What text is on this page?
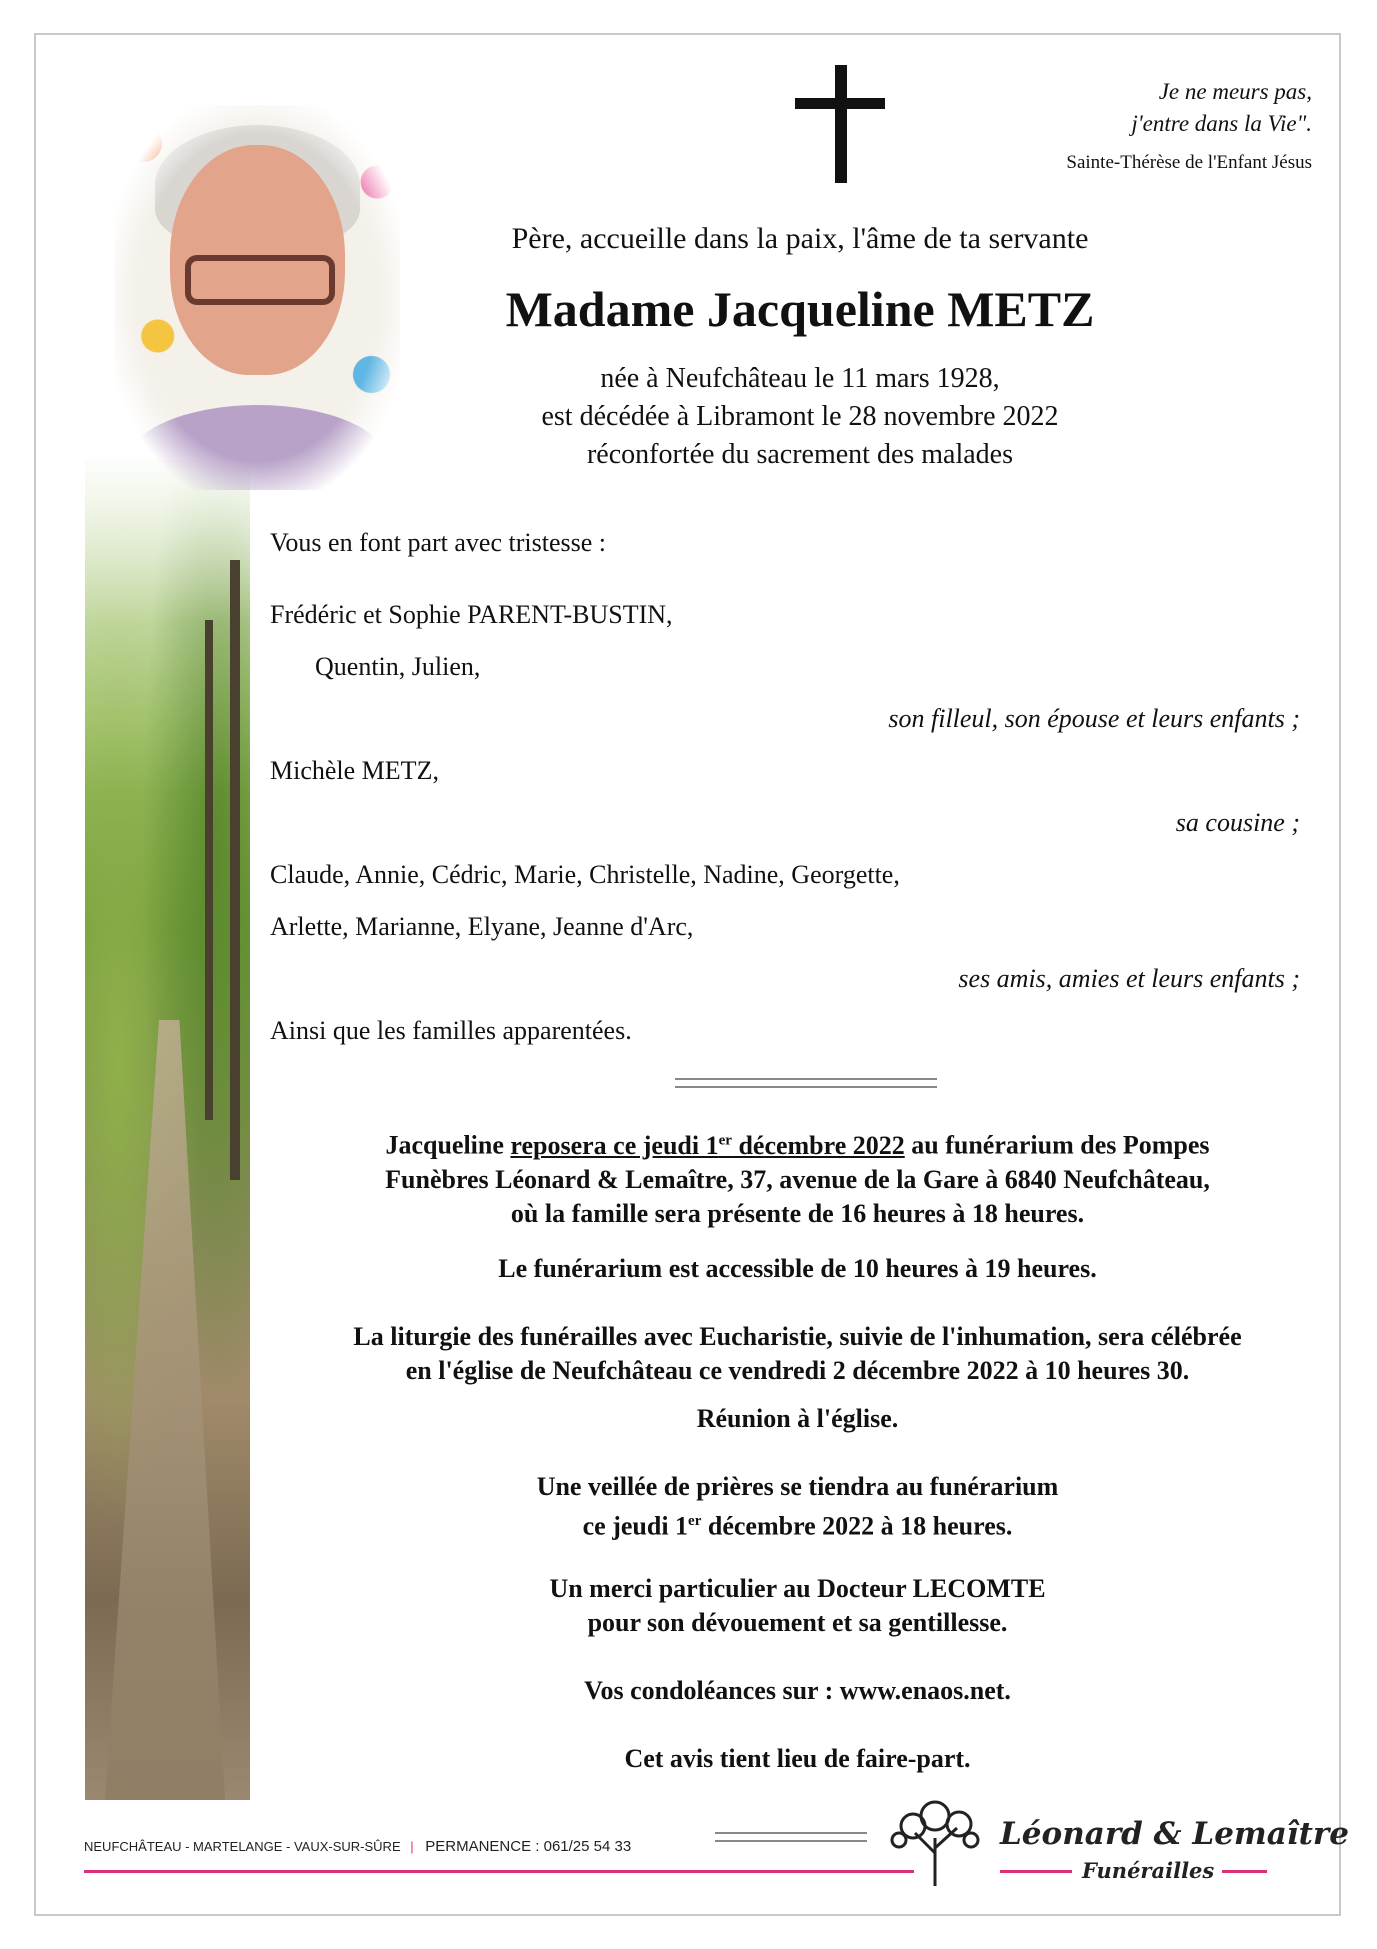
Je ne meurs pas,
j'entre dans la Vie".
Sainte-Thérèse de l'Enfant Jésus
Père, accueille dans la paix, l'âme de ta servante
Madame Jacqueline METZ
née à Neufchâteau le 11 mars 1928,
est décédée à Libramont le 28 novembre 2022
réconfortée du sacrement des malades
Vous en font part avec tristesse :
Frédéric et Sophie PARENT-BUSTIN,
Quentin, Julien,
son filleul, son épouse et leurs enfants ;
Michèle METZ,
sa cousine ;
Claude, Annie, Cédric, Marie, Christelle, Nadine, Georgette,
Arlette, Marianne, Elyane, Jeanne d'Arc,
ses amis, amies et leurs enfants ;
Ainsi que les familles apparentées.
Jacqueline reposera ce jeudi 1er décembre 2022 au funérarium des Pompes
Funèbres Léonard & Lemaître, 37, avenue de la Gare à 6840 Neufchâteau,
où la famille sera présente de 16 heures à 18 heures.
Le funérarium est accessible de 10 heures à 19 heures.
La liturgie des funérailles avec Eucharistie, suivie de l'inhumation, sera célébrée
en l'église de Neufchâteau ce vendredi 2 décembre 2022 à 10 heures 30.
Réunion à l'église.
Une veillée de prières se tiendra au funérarium
ce jeudi 1er décembre 2022 à 18 heures.
Un merci particulier au Docteur LECOMTE
pour son dévouement et sa gentillesse.
Vos condoléances sur : www.enaos.net.
Cet avis tient lieu de faire-part.
NEUFCHÂTEAU - MARTELANGE - VAUX-SUR-SÛRE | PERMANENCE : 061/25 54 33	Léonard & Lemaître
Funérailles
